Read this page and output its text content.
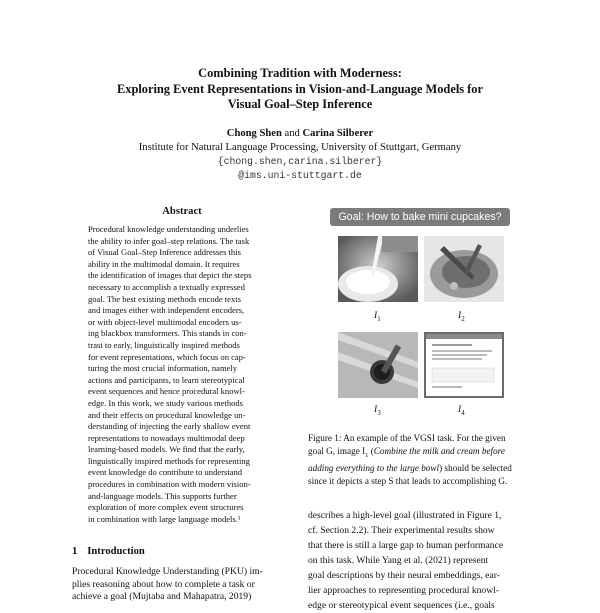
Combining Tradition with Moderness:
Exploring Event Representations in Vision-and-Language Models for
Visual Goal–Step Inference
Chong Shen and Carina Silberer
Institute for Natural Language Processing, University of Stuttgart, Germany
{chong.shen,carina.silberer}
@ims.uni-stuttgart.de
Abstract

Procedural knowledge understanding underlies

the ability to infer goal–step relations. The task

of Visual Goal–Step Inference addresses this

ability in the multimodal domain. It requires

the identification of images that depict the steps

necessary to accomplish a textually expressed

goal. The best existing methods encode texts

and images either with independent encoders,

or with object-level multimodal encoders us-

ing blackbox transformers. This stands in con-

trast to early, linguistically inspired methods

for event representations, which focus on cap-

turing the most crucial information, namely

actions and participants, to learn stereotypical

event sequences and hence procedural knowl-

edge. In this work, we study various methods

and their effects on procedural knowledge un-

derstanding of injecting the early shallow event

representations to nowadays multimodal deep

learning-based models. We find that the early,

linguistically inspired methods for representing

event knowledge do contribute to understand

procedures in combination with modern vision-

and-language models. This supports further

exploration of more complex event structures

in combination with large language models.¹

1 Introduction

Procedural Knowledge Understanding (PKU) im-

plies reasoning about how to complete a task or

achieve a goal (Mujtaba and Mahapatra, 2019)

Goal: How to bake mini cupcakes?
$I_1$	$I_2$
$I_3$	$I_4$

Figure 1: An example of the VGSI task. For the given

goal G, image $I_1$ (Combine the milk and cream before

adding everything to the large bowl) should be selected

since it depicts a step S that leads to accomplishing G.

describes a high-level goal (illustrated in Figure 1,

cf. Section 2.2). Their experimental results show

that there is still a large gap to human performance

on this task. While Yang et al. (2021) represent

goal descriptions by their neural embeddings, ear-

lier approaches to representing procedural knowl-

edge or stereotypical event sequences (i.e., goals
